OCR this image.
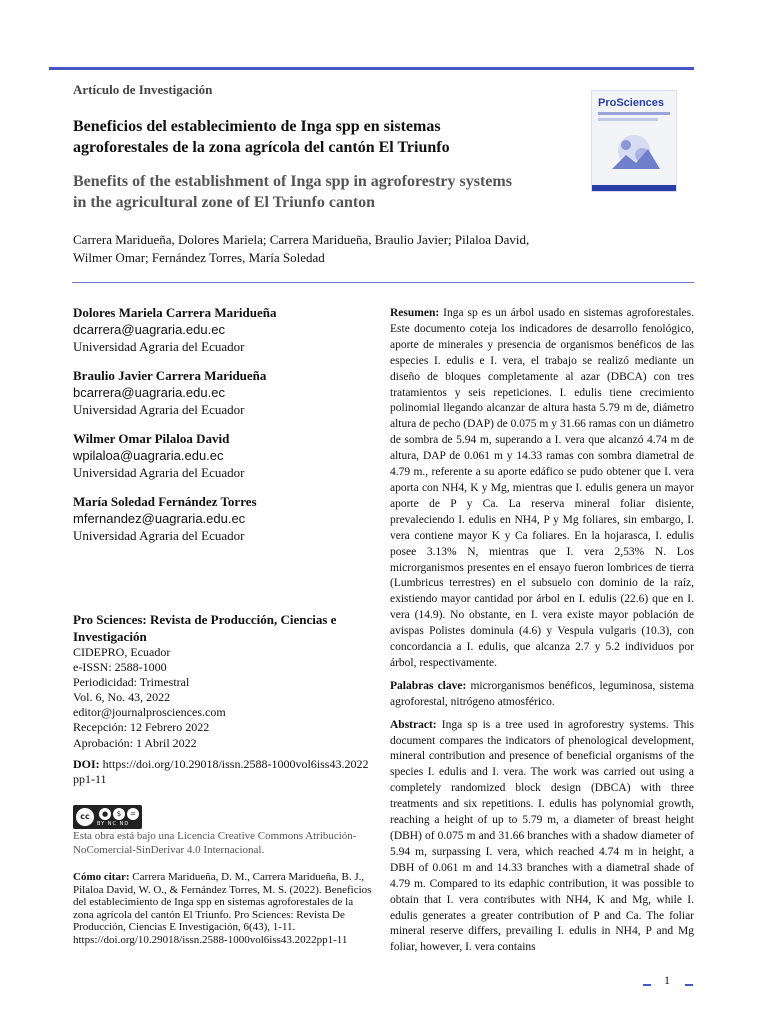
Artículo de Investigación
Beneficios del establecimiento de Inga spp en sistemas agroforestales de la zona agrícola del cantón El Triunfo
Benefits of the establishment of Inga spp in agroforestry systems in the agricultural zone of El Triunfo canton
Carrera Maridueña, Dolores Mariela; Carrera Maridueña, Braulio Javier; Pilaloa David, Wilmer Omar; Fernández Torres, María Soledad
ProSciences
Dolores Mariela Carrera Maridueña
dcarrera@uagraria.edu.ec
Universidad Agraria del Ecuador
Braulio Javier Carrera Maridueña
bcarrera@uagraria.edu.ec
Universidad Agraria del Ecuador
Wilmer Omar Pilaloa David
wpilaloa@uagraria.edu.ec
Universidad Agraria del Ecuador
María Soledad Fernández Torres
mfernandez@uagraria.edu.ec
Universidad Agraria del Ecuador
Pro Sciences: Revista de Producción, Ciencias e Investigación
CIDEPRO, Ecuador
e-ISSN: 2588-1000
Periodicidad: Trimestral
Vol. 6, No. 43, 2022
editor@journalprosciences.com
Recepción: 12 Febrero 2022
Aprobación: 1 Abril 2022
DOI: https://doi.org/10.29018/issn.2588-1000vol6iss43.2022pp1-11
cc	●	$	=
BY NC ND
Esta obra está bajo una Licencia Creative Commons Atribución-NoComercial-SinDerivar 4.0 Internacional.
Cómo citar: Carrera Maridueña, D. M., Carrera Maridueña, B. J., Pilaloa David, W. O., & Fernández Torres, M. S. (2022). Beneficios del establecimiento de Inga spp en sistemas agroforestales de la zona agrícola del cantón El Triunfo. Pro Sciences: Revista De Producción, Ciencias E Investigación, 6(43), 1-11. https://doi.org/10.29018/issn.2588-1000vol6iss43.2022pp1-11

Resumen: Inga sp es un árbol usado en sistemas agroforestales. Este documento coteja los indicadores de desarrollo fenológico, aporte de minerales y presencia de organismos benéficos de las especies I. edulis e I. vera, el trabajo se realizó mediante un diseño de bloques completamente al azar (DBCA) con tres tratamientos y seis repeticiones. I. edulis tiene crecimiento polinomial llegando alcanzar de altura hasta 5.79 m de, diámetro altura de pecho (DAP) de 0.075 m y 31.66 ramas con un diámetro de sombra de 5.94 m, superando a I. vera que alcanzó 4.74 m de altura, DAP de 0.061 m y 14.33 ramas con sombra diametral de 4.79 m., referente a su aporte edáfico se pudo obtener que I. vera aporta con NH4, K y Mg, mientras que I. edulis genera un mayor aporte de P y Ca. La reserva mineral foliar disiente, prevaleciendo I. edulis en NH4, P y Mg foliares, sin embargo, I. vera contiene mayor K y Ca foliares. En la hojarasca, I. edulis posee 3.13% N, mientras que I. vera 2,53% N. Los microrganismos presentes en el ensayo fueron lombrices de tierra (Lumbricus terrestres) en el subsuelo con dominio de la raíz, existiendo mayor cantidad por árbol en I. edulis (22.6) que en I. vera (14.9). No obstante, en I. vera existe mayor población de avispas Polistes dominula (4.6) y Vespula vulgaris (10.3), con concordancia a I. edulis, que alcanza 2.7 y 5.2 individuos por árbol, respectivamente.

Palabras clave: microrganismos benéficos, leguminosa, sistema agroforestal, nitrógeno atmosférico.

Abstract: Inga sp is a tree used in agroforestry systems. This document compares the indicators of phenological development, mineral contribution and presence of beneficial organisms of the species I. edulis and I. vera. The work was carried out using a completely randomized block design (DBCA) with three treatments and six repetitions. I. edulis has polynomial growth, reaching a height of up to 5.79 m, a diameter of breast height (DBH) of 0.075 m and 31.66 branches with a shadow diameter of 5.94 m, surpassing I. vera, which reached 4.74 m in height, a DBH of 0.061 m and 14.33 branches with a diametral shade of 4.79 m. Compared to its edaphic contribution, it was possible to obtain that I. vera contributes with NH4, K and Mg, while I. edulis generates a greater contribution of P and Ca. The foliar mineral reserve differs, prevailing I. edulis in NH4, P and Mg foliar, however, I. vera contains

1
